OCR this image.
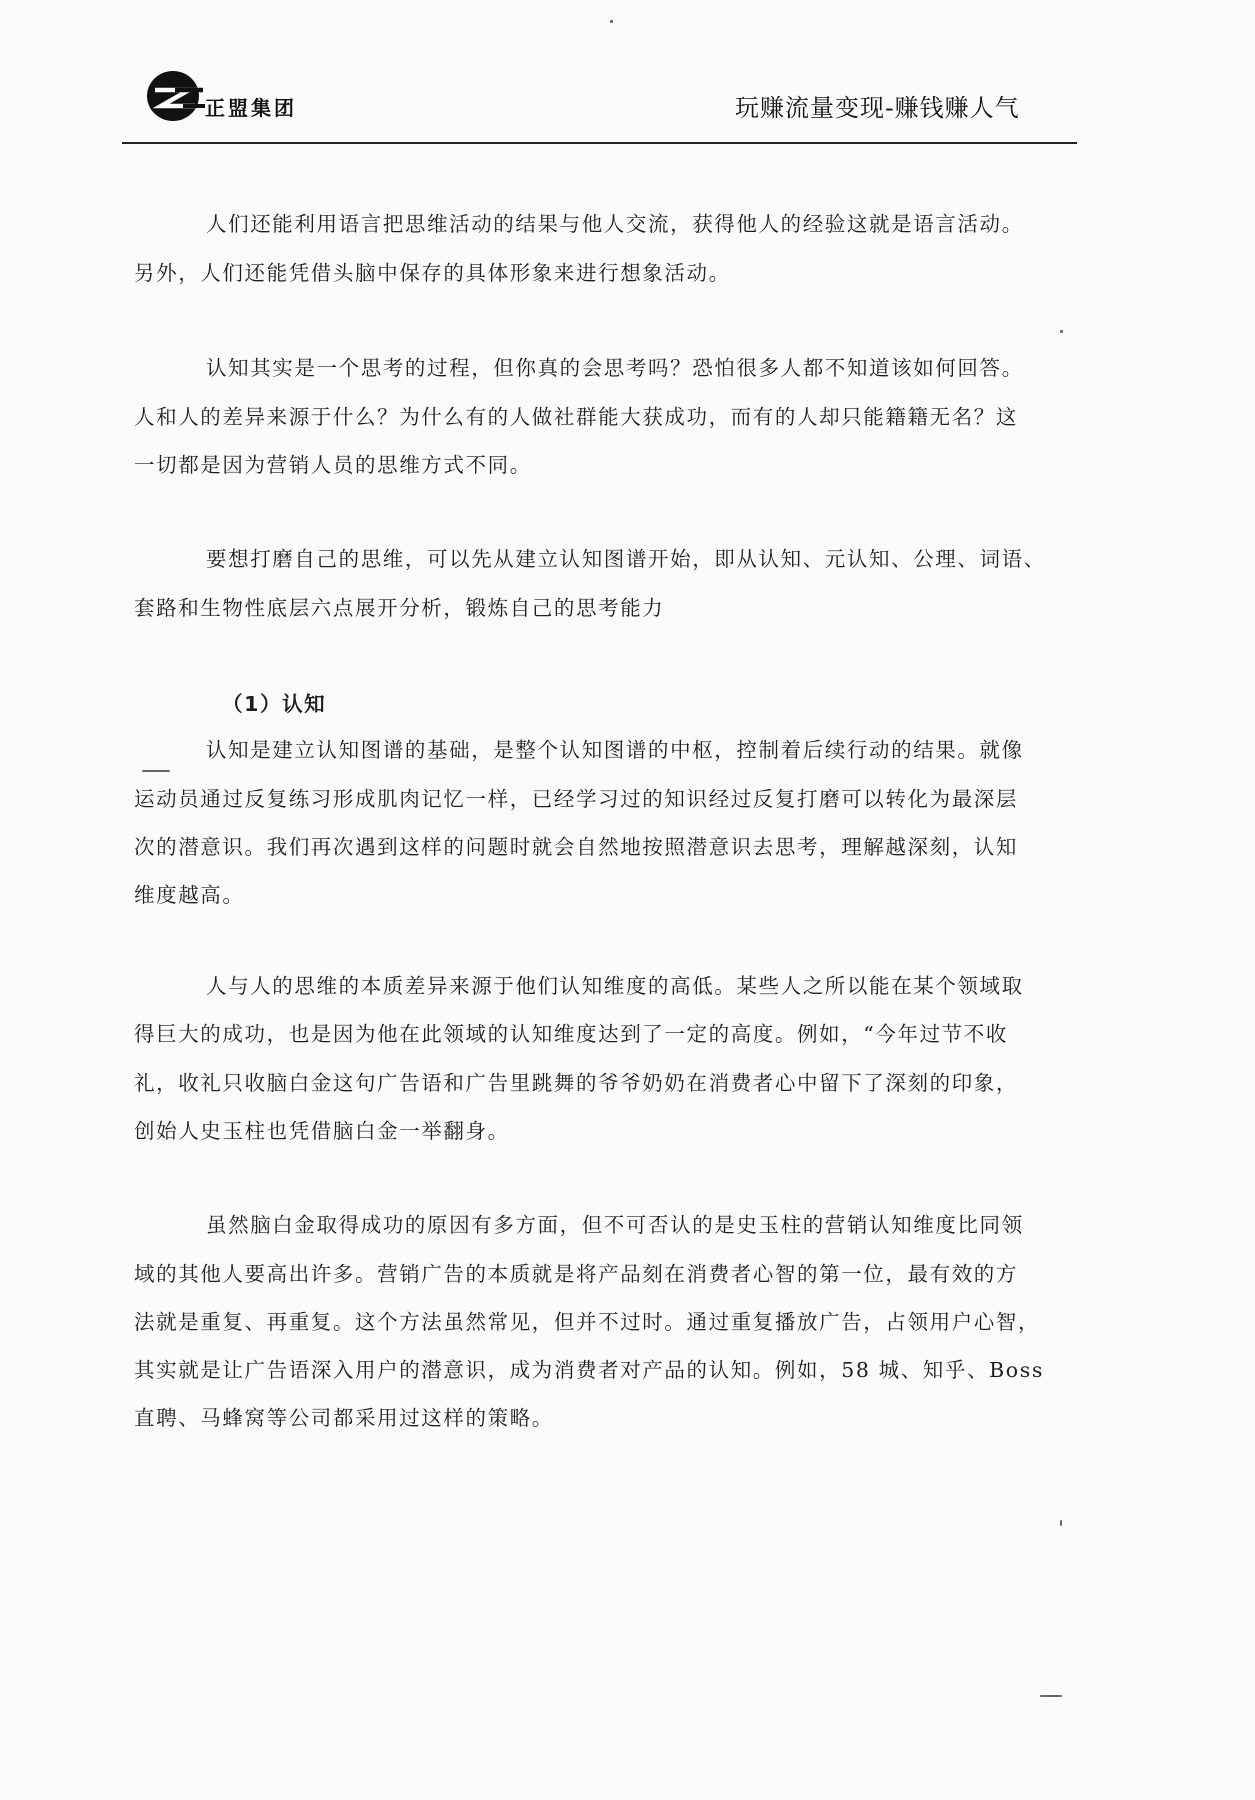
正盟集团	玩赚流量变现-赚钱赚人气
人们还能利用语言把思维活动的结果与他人交流，获得他人的经验这就是语言活动。
另外，人们还能凭借头脑中保存的具体形象来进行想象活动。
认知其实是一个思考的过程，但你真的会思考吗？恐怕很多人都不知道该如何回答。
人和人的差异来源于什么？为什么有的人做社群能大获成功，而有的人却只能籍籍无名？这
一切都是因为营销人员的思维方式不同。
要想打磨自己的思维，可以先从建立认知图谱开始，即从认知、元认知、公理、词语、
套路和生物性底层六点展开分析，锻炼自己的思考能力
（1）认知
认知是建立认知图谱的基础，是整个认知图谱的中枢，控制着后续行动的结果。就像
运动员通过反复练习形成肌肉记忆一样，已经学习过的知识经过反复打磨可以转化为最深层
次的潜意识。我们再次遇到这样的问题时就会自然地按照潜意识去思考，理解越深刻，认知
维度越高。
人与人的思维的本质差异来源于他们认知维度的高低。某些人之所以能在某个领域取
得巨大的成功，也是因为他在此领域的认知维度达到了一定的高度。例如，“今年过节不收
礼，收礼只收脑白金这句广告语和广告里跳舞的爷爷奶奶在消费者心中留下了深刻的印象，
创始人史玉柱也凭借脑白金一举翻身。
虽然脑白金取得成功的原因有多方面，但不可否认的是史玉柱的营销认知维度比同领
域的其他人要高出许多。营销广告的本质就是将产品刻在消费者心智的第一位，最有效的方
法就是重复、再重复。这个方法虽然常见，但并不过时。通过重复播放广告，占领用户心智，
其实就是让广告语深入用户的潜意识，成为消费者对产品的认知。例如，58 城、知乎、Boss
直聘、马蜂窝等公司都采用过这样的策略。
